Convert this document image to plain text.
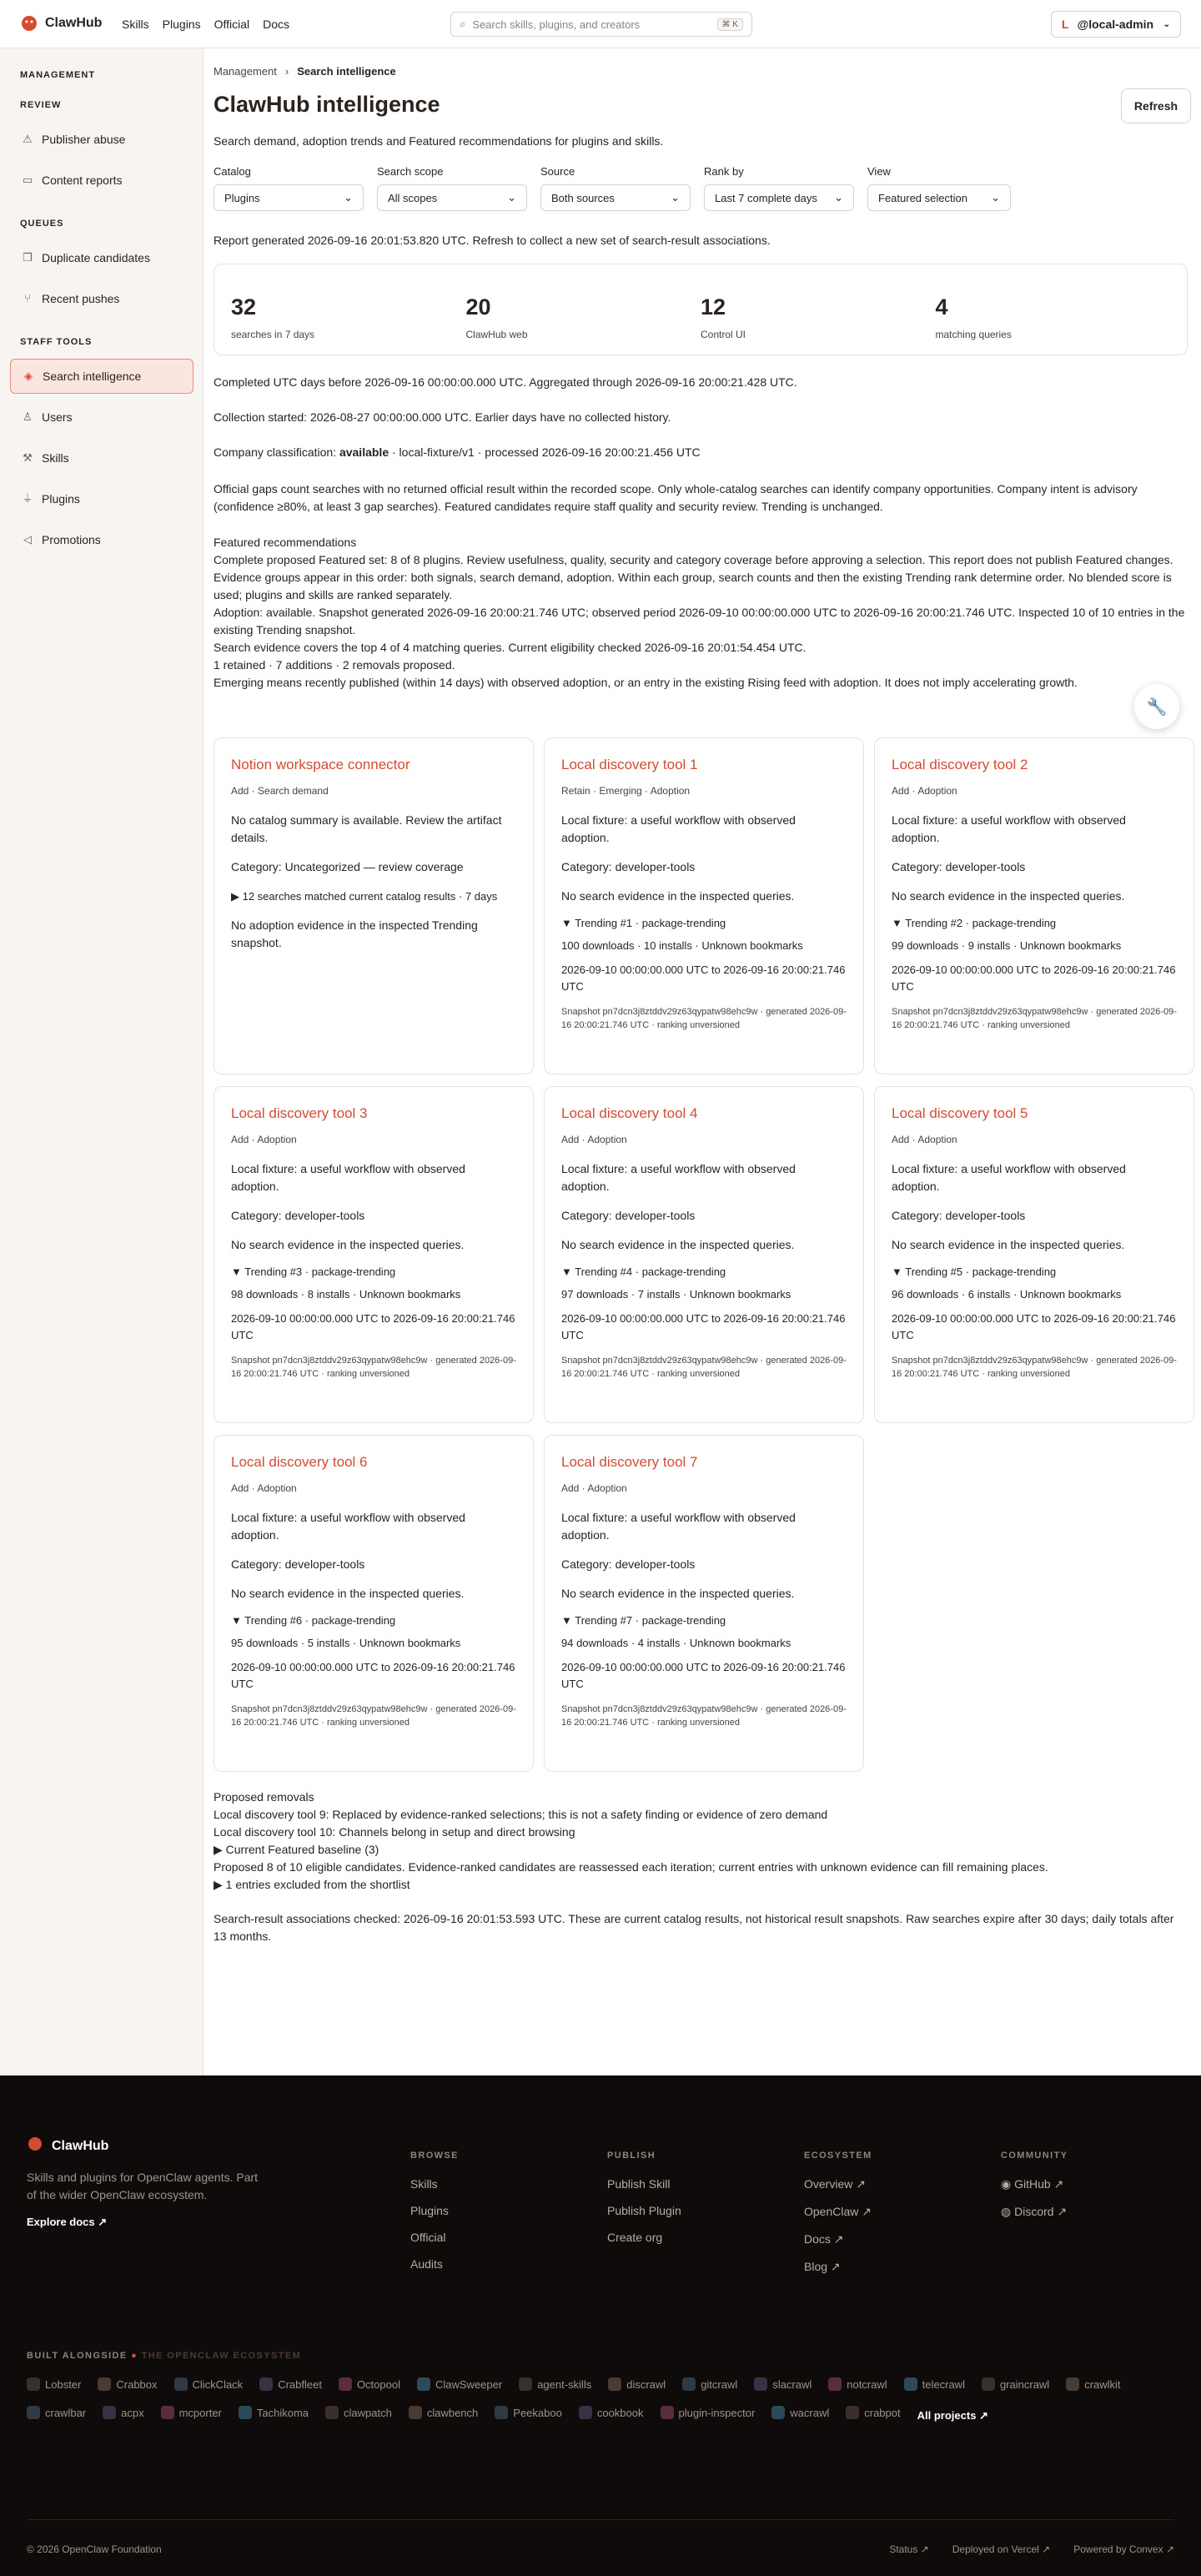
ClawHub Skills Plugins Official Docs	⌕ Search skills, plugins, and creators	⌘ K	L @local-admin ⌄
MANAGEMENT
REVIEW
⚠ Publisher abuse
▭ Content reports
QUEUES
❐ Duplicate candidates
⑂ Recent pushes
STAFF TOOLS
◈ Search intelligence
♙ Users
⚒ Skills
⏚ Plugins
◁ Promotions
Management › Search intelligence
ClawHub intelligence	Refresh
Search demand, adoption trends and Featured recommendations for plugins and skills.
Catalog
Plugins	⌄
Search scope
All scopes	⌄
Source
Both sources	⌄
Rank by
Last 7 complete days ⌄
View
Featured selection ⌄
Report generated 2026-09-16 20:01:53.820 UTC. Refresh to collect a new set of search-result associations.
32
searches in 7 days
20
ClawHub web
12
Control UI
4
matching queries
Completed UTC days before 2026-09-16 00:00:00.000 UTC. Aggregated through 2026-09-16 20:00:21.428 UTC.
Collection started: 2026-08-27 00:00:00.000 UTC. Earlier days have no collected history.
Company classification: available · local-fixture/v1 · processed 2026-09-16 20:00:21.456 UTC
Official gaps count searches with no returned official result within the recorded scope. Only whole-catalog searches can identify company opportunities. Company intent is advisory (confidence ≥80%, at least 3 gap searches). Featured candidates require staff quality and security review. Trending is unchanged.
Featured recommendations
Complete proposed Featured set: 8 of 8 plugins. Review usefulness, quality, security and category coverage before approving a selection. This report does not publish Featured changes.
Evidence groups appear in this order: both signals, search demand, adoption. Within each group, search counts and then the existing Trending rank determine order. No blended score is used; plugins and skills are ranked separately.
Adoption: available. Snapshot generated 2026-09-16 20:00:21.746 UTC; observed period 2026-09-10 00:00:00.000 UTC to 2026-09-16 20:00:21.746 UTC. Inspected 10 of 10 entries in the existing Trending snapshot.
Search evidence covers the top 4 of 4 matching queries. Current eligibility checked 2026-09-16 20:01:54.454 UTC.
1 retained · 7 additions · 2 removals proposed.
Emerging means recently published (within 14 days) with observed adoption, or an entry in the existing Rising feed with adoption. It does not imply accelerating growth.
Notion workspace connector
Add · Search demand
No catalog summary is available. Review the artifact details.
Category: Uncategorized — review coverage
▶ 12 searches matched current catalog results · 7 days
No adoption evidence in the inspected Trending snapshot.
Local discovery tool 1
Retain · Emerging · Adoption
Local fixture: a useful workflow with observed adoption.
Category: developer-tools
No search evidence in the inspected queries.
▼ Trending #1 · package-trending
100 downloads · 10 installs · Unknown bookmarks
2026-09-10 00:00:00.000 UTC to 2026-09-16 20:00:21.746 UTC
Snapshot pn7dcn3j8ztddv29z63qypatw98ehc9w · generated 2026-09-16 20:00:21.746 UTC · ranking unversioned
Local discovery tool 2
Add · Adoption
Local fixture: a useful workflow with observed adoption.
Category: developer-tools
No search evidence in the inspected queries.
▼ Trending #2 · package-trending
99 downloads · 9 installs · Unknown bookmarks
2026-09-10 00:00:00.000 UTC to 2026-09-16 20:00:21.746 UTC
Snapshot pn7dcn3j8ztddv29z63qypatw98ehc9w · generated 2026-09-16 20:00:21.746 UTC · ranking unversioned
Local discovery tool 3
Add · Adoption
Local fixture: a useful workflow with observed adoption.
Category: developer-tools
No search evidence in the inspected queries.
▼ Trending #3 · package-trending
98 downloads · 8 installs · Unknown bookmarks
2026-09-10 00:00:00.000 UTC to 2026-09-16 20:00:21.746 UTC
Snapshot pn7dcn3j8ztddv29z63qypatw98ehc9w · generated 2026-09-16 20:00:21.746 UTC · ranking unversioned
Local discovery tool 4
Add · Adoption
Local fixture: a useful workflow with observed adoption.
Category: developer-tools
No search evidence in the inspected queries.
▼ Trending #4 · package-trending
97 downloads · 7 installs · Unknown bookmarks
2026-09-10 00:00:00.000 UTC to 2026-09-16 20:00:21.746 UTC
Snapshot pn7dcn3j8ztddv29z63qypatw98ehc9w · generated 2026-09-16 20:00:21.746 UTC · ranking unversioned
Local discovery tool 5
Add · Adoption
Local fixture: a useful workflow with observed adoption.
Category: developer-tools
No search evidence in the inspected queries.
▼ Trending #5 · package-trending
96 downloads · 6 installs · Unknown bookmarks
2026-09-10 00:00:00.000 UTC to 2026-09-16 20:00:21.746 UTC
Snapshot pn7dcn3j8ztddv29z63qypatw98ehc9w · generated 2026-09-16 20:00:21.746 UTC · ranking unversioned
Local discovery tool 6
Add · Adoption
Local fixture: a useful workflow with observed adoption.
Category: developer-tools
No search evidence in the inspected queries.
▼ Trending #6 · package-trending
95 downloads · 5 installs · Unknown bookmarks
2026-09-10 00:00:00.000 UTC to 2026-09-16 20:00:21.746 UTC
Snapshot pn7dcn3j8ztddv29z63qypatw98ehc9w · generated 2026-09-16 20:00:21.746 UTC · ranking unversioned
Local discovery tool 7
Add · Adoption
Local fixture: a useful workflow with observed adoption.
Category: developer-tools
No search evidence in the inspected queries.
▼ Trending #7 · package-trending
94 downloads · 4 installs · Unknown bookmarks
2026-09-10 00:00:00.000 UTC to 2026-09-16 20:00:21.746 UTC
Snapshot pn7dcn3j8ztddv29z63qypatw98ehc9w · generated 2026-09-16 20:00:21.746 UTC · ranking unversioned
Proposed removals
Local discovery tool 9: Replaced by evidence-ranked selections; this is not a safety finding or evidence of zero demand
Local discovery tool 10: Channels belong in setup and direct browsing
▶ Current Featured baseline (3)
Proposed 8 of 10 eligible candidates. Evidence-ranked candidates are reassessed each iteration; current entries with unknown evidence can fill remaining places.
▶ 1 entries excluded from the shortlist
Search-result associations checked: 2026-09-16 20:01:53.593 UTC. These are current catalog results, not historical result snapshots. Raw searches expire after 30 days; daily totals after 13 months.
🔧
ClawHub
Skills and plugins for OpenClaw agents. Part of the wider OpenClaw ecosystem.
Explore docs ↗
BROWSE
Skills
Plugins
Official
Audits
PUBLISH
Publish Skill
Publish Plugin
Create org
ECOSYSTEM
Overview ↗
OpenClaw ↗
Docs ↗
Blog ↗
COMMUNITY
◉ GitHub ↗
◍ Discord ↗
BUILT ALONGSIDE ● THE OPENCLAW ECOSYSTEM
Lobster	Crabbox	ClickClack	Crabfleet	Octopool	ClawSweeper	agent-skills	discrawl	gitcrawl	slacrawl	notcrawl	telecrawl	graincrawl	crawlkit
crawlbar	acpx	mcporter	Tachikoma	clawpatch	clawbench	Peekaboo	cookbook	plugin-inspector	wacrawl	crabpot All projects ↗
© 2026 OpenClaw Foundation	Status ↗ Deployed on Vercel ↗ Powered by Convex ↗
